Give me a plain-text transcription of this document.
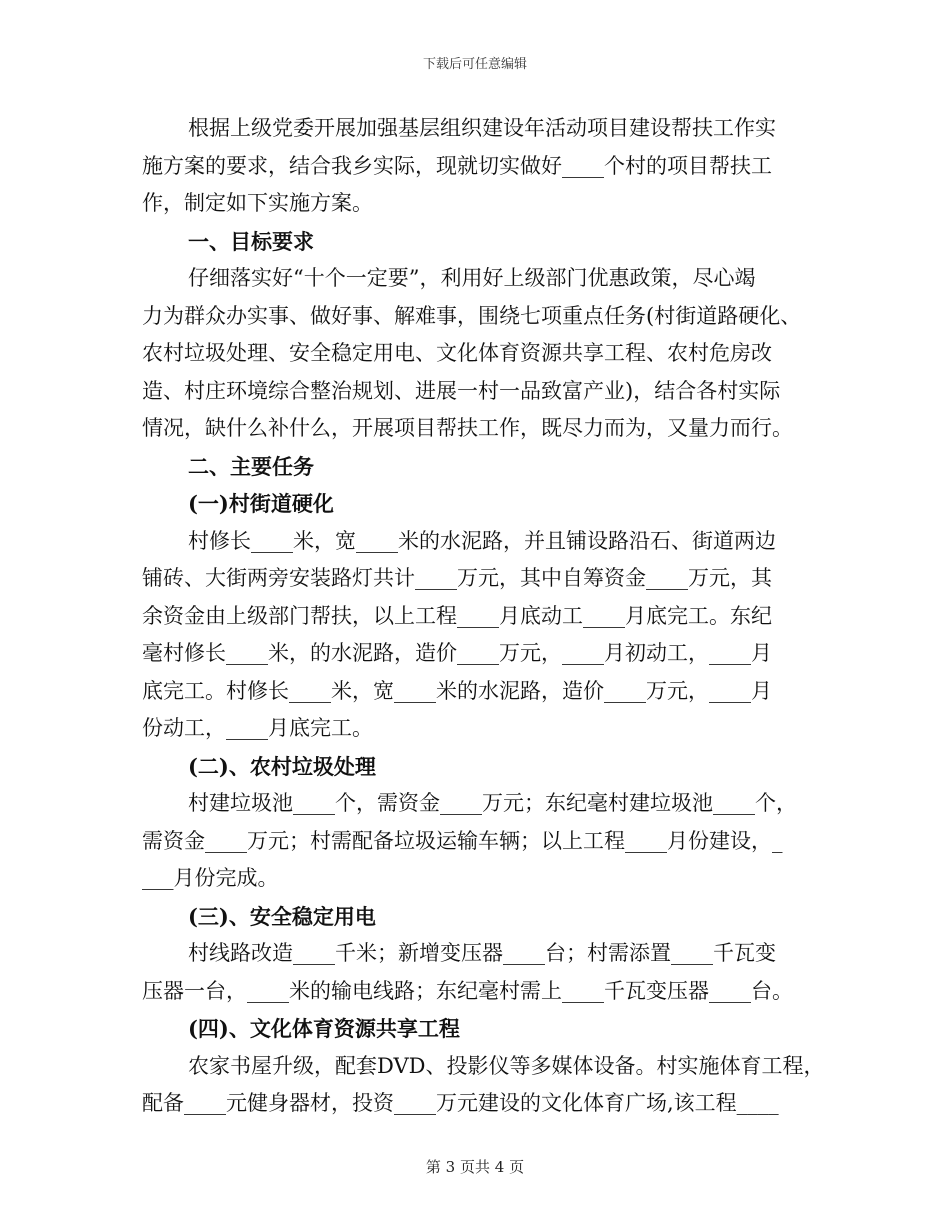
下载后可任意编辑
根据上级党委开展加强基层组织建设年活动项目建设帮扶工作实
施方案的要求，结合我乡实际，现就切实做好____个村的项目帮扶工
作，制定如下实施方案。
一、目标要求
仔细落实好“十个一定要”，利用好上级部门优惠政策，尽心竭
力为群众办实事、做好事、解难事，围绕七项重点任务(村街道路硬化、
农村垃圾处理、安全稳定用电、文化体育资源共享工程、农村危房改
造、村庄环境综合整治规划、进展一村一品致富产业)，结合各村实际
情况，缺什么补什么，开展项目帮扶工作，既尽力而为，又量力而行。
二、主要任务
(一)村街道硬化
村修长____米，宽____米的水泥路，并且铺设路沿石、街道两边
铺砖、大街两旁安装路灯共计____万元，其中自筹资金____万元，其
余资金由上级部门帮扶，以上工程____月底动工____月底完工。东纪
毫村修长____米，的水泥路，造价____万元，____月初动工，____月
底完工。村修长____米，宽____米的水泥路，造价____万元，____月
份动工，____月底完工。
(二)、农村垃圾处理
村建垃圾池____个，需资金____万元；东纪毫村建垃圾池____个，
需资金____万元；村需配备垃圾运输车辆；以上工程____月份建设，_
___月份完成。
(三)、安全稳定用电
村线路改造____千米；新增变压器____台；村需添置____千瓦变
压器一台，____米的输电线路；东纪毫村需上____千瓦变压器____台。
(四)、文化体育资源共享工程
农家书屋升级，配套DVD、投影仪等多媒体设备。村实施体育工程，
配备____元健身器材，投资____万元建设的文化体育广场,该工程____
第 3 页共 4 页
